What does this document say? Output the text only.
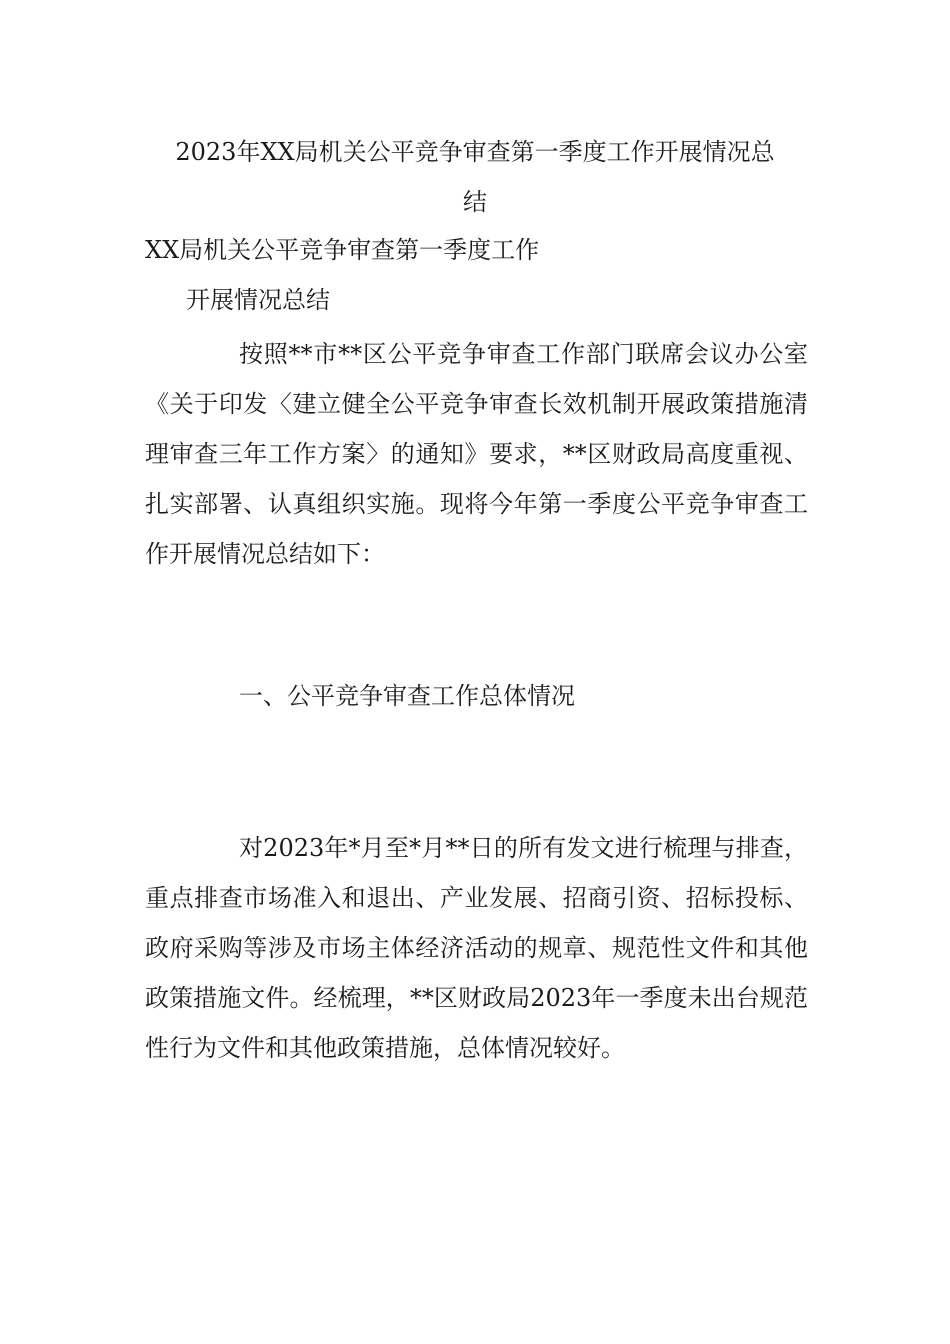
2023年XX局机关公平竞争审查第一季度工作开展情况总
结
XX局机关公平竞争审查第一季度工作
开展情况总结

按照**市**区公平竞争审查工作部门联席会议办公室《关于印发〈建立健全公平竞争审查长效机制开展政策措施清理审查三年工作方案〉的通知》要求，**区财政局高度重视、扎实部署、认真组织实施。现将今年第一季度公平竞争审查工作开展情况总结如下：

一、公平竞争审查工作总体情况

对2023年*月至*月**日的所有发文进行梳理与排查，重点排查市场准入和退出、产业发展、招商引资、招标投标、政府采购等涉及市场主体经济活动的规章、规范性文件和其他政策措施文件。经梳理，**区财政局2023年一季度未出台规范性行为文件和其他政策措施，总体情况较好。
